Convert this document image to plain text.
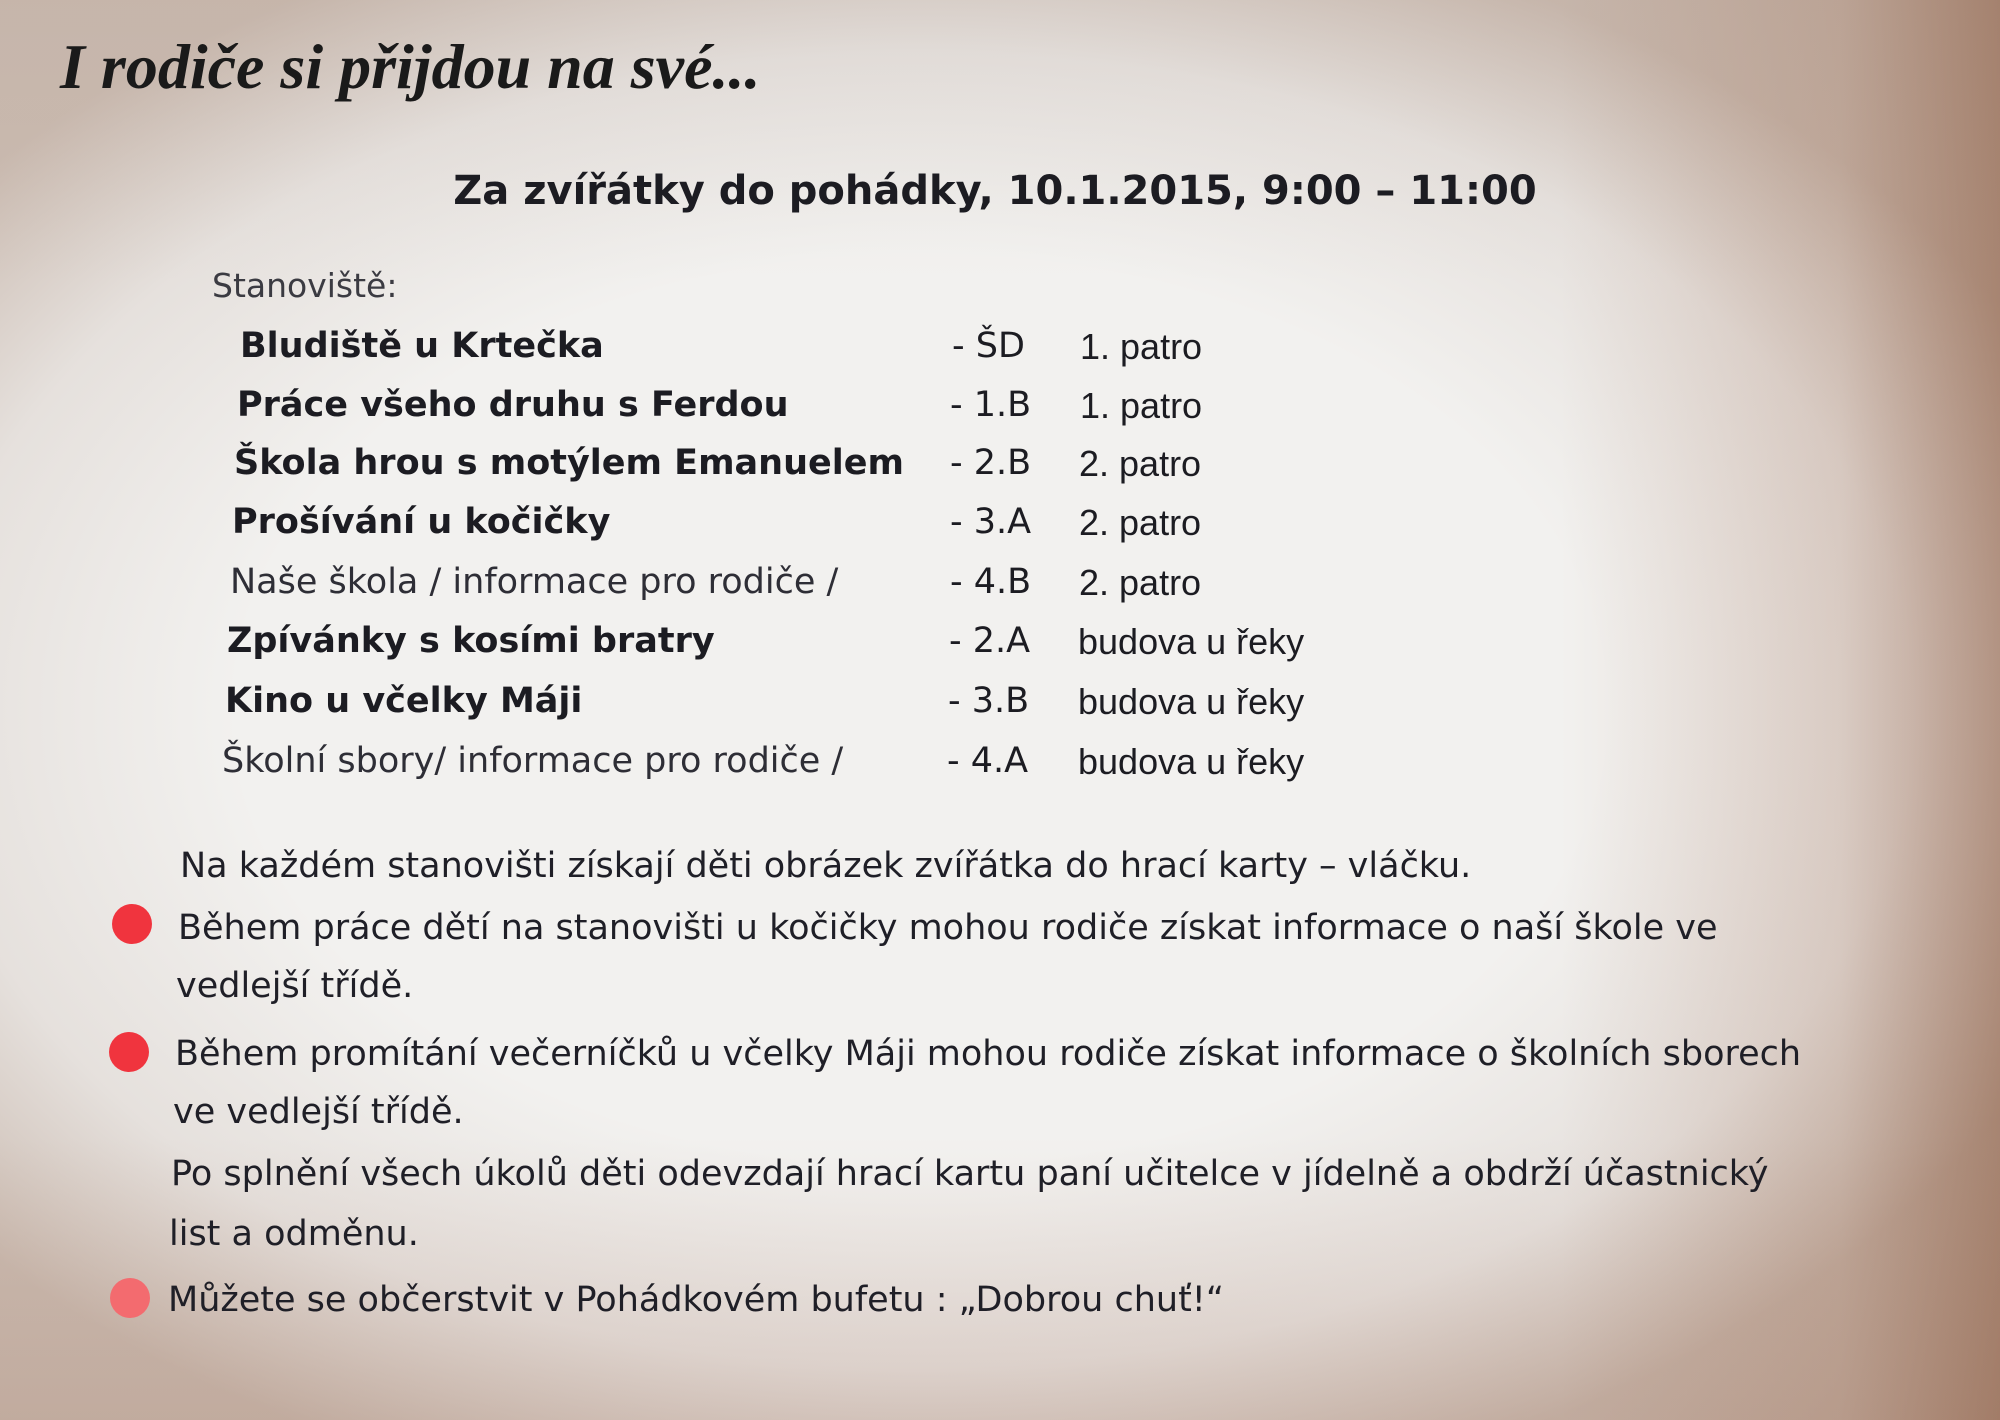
I rodiče si přijdou na své...
Za zvířátky do pohádky, 10.1.2015, 9:00 – 11:00
Stanoviště:
Bludiště u Krtečka	- ŠD 1. patro
Práce všeho druhu s Ferdou	- 1.B 1. patro
Škola hrou s motýlem Emanuelem - 2.B 2. patro
Prošívání u kočičky	- 3.A 2. patro
Naše škola / informace pro rodiče /	- 4.B 2. patro
Zpívánky s kosími bratry	- 2.A budova u řeky
Kino u včelky Máji	- 3.B budova u řeky
Školní sbory/ informace pro rodiče /	- 4.A budova u řeky
Na každém stanovišti získají děti obrázek zvířátka do hrací karty – vláčku.
Během práce dětí na stanovišti u kočičky mohou rodiče získat informace o naší škole ve
vedlejší třídě.
Během promítání večerníčků u včelky Máji mohou rodiče získat informace o školních sborech
ve vedlejší třídě.
Po splnění všech úkolů děti odevzdají hrací kartu paní učitelce v jídelně a obdrží účastnický
list a odměnu.
Můžete se občerstvit v Pohádkovém bufetu : „Dobrou chuť!“
